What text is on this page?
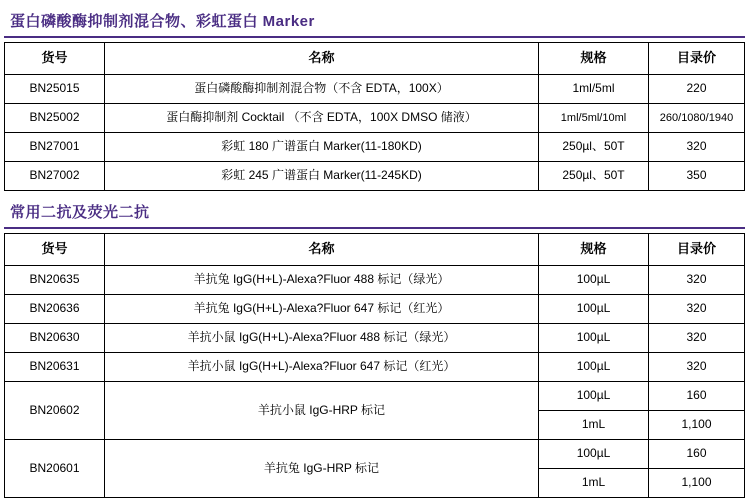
蛋白磷酸酶抑制剂混合物、彩虹蛋白 Marker
货号	名称	规格	目录价
BN25015	蛋白磷酸酶抑制剂混合物（不含 EDTA，100X）	1ml/5ml	220
BN25002	蛋白酶抑制剂 Cocktail （不含 EDTA，100X DMSO 储液）	1ml/5ml/10ml	260/1080/1940
BN27001	彩虹 180 广谱蛋白 Marker(11-180KD)	250µl、50T	320
BN27002	彩虹 245 广谱蛋白 Marker(11-245KD)	250µl、50T	350
常用二抗及荧光二抗
货号	名称	规格	目录价
BN20635	羊抗兔 IgG(H+L)-Alexa?Fluor 488 标记（绿光）	100µL	320
BN20636	羊抗兔 IgG(H+L)-Alexa?Fluor 647 标记（红光）	100µL	320
BN20630	羊抗小鼠 IgG(H+L)-Alexa?Fluor 488 标记（绿光）	100µL	320
BN20631	羊抗小鼠 IgG(H+L)-Alexa?Fluor 647 标记（红光）	100µL	320
BN20602	羊抗小鼠 IgG-HRP 标记	100µL	160
		1mL	1,100
BN20601	羊抗兔 IgG-HRP 标记	100µL	160
		1mL	1,100
